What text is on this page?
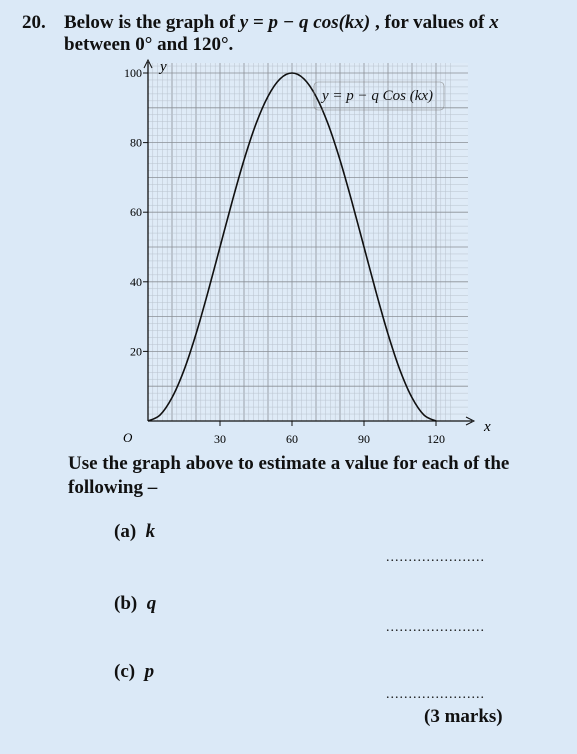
20. Below is the graph of y = p − q cos(kx) , for values of x
between 0° and 120°.
30	60	90	120
20
40
60
80
100
y = p − q Cos (kx)
O
x
y
Use the graph above to estimate a value for each of the following –
(a) k
......................
(b) q
......................
(c) p
......................
(3 marks)
